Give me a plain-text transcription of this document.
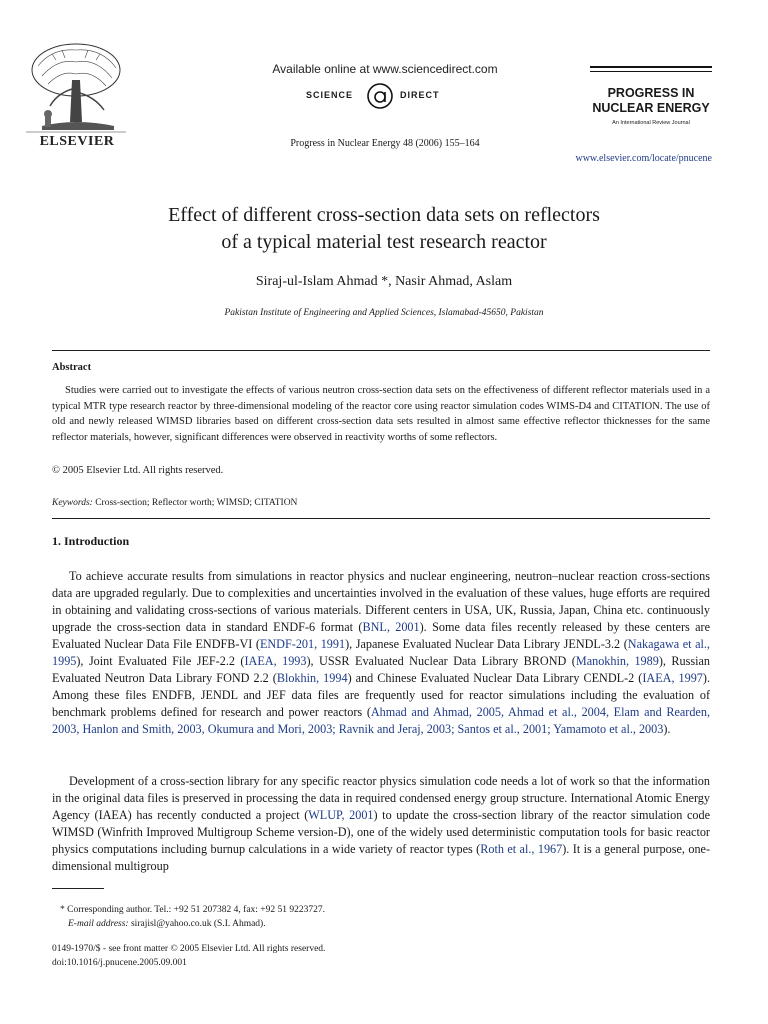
ELSEVIER
Available online at www.sciencedirect.com
SCIENCE	DIRECT
Progress in Nuclear Energy 48 (2006) 155–164
PROGRESS IN
NUCLEAR ENERGY
An International Review Journal
www.elsevier.com/locate/pnucene
Effect of different cross-section data sets on reflectors
of a typical material test research reactor
Siraj-ul-Islam Ahmad *, Nasir Ahmad, Aslam
Pakistan Institute of Engineering and Applied Sciences, Islamabad-45650, Pakistan
Abstract
Studies were carried out to investigate the effects of various neutron cross-section data sets on the effectiveness of different reflector materials used in a typical MTR type research reactor by three-dimensional modeling of the reactor core using reactor simulation codes WIMS-D4 and CITATION. The use of old and newly released WIMSD libraries based on different cross-section data sets resulted in almost same effective reflector thicknesses for the same reflector materials, however, significant differences were observed in reactivity worths of some reflectors.
© 2005 Elsevier Ltd. All rights reserved.
Keywords: Cross-section; Reflector worth; WIMSD; CITATION
1. Introduction
To achieve accurate results from simulations in reactor physics and nuclear engineering, neutron–nuclear reaction cross-sections data are upgraded regularly. Due to complexities and uncertainties involved in the evaluation of these values, huge efforts are required in obtaining and validating cross-sections of various materials. Different centers in USA, UK, Russia, Japan, China etc. continuously upgrade the cross-section data in standard ENDF-6 format (BNL, 2001). Some data files recently released by these centers are Evaluated Nuclear Data File ENDFB-VI (ENDF-201, 1991), Japanese Evaluated Nuclear Data Library JENDL-3.2 (Nakagawa et al., 1995), Joint Evaluated File JEF-2.2 (IAEA, 1993), USSR Evaluated Nuclear Data Library BROND (Manokhin, 1989), Russian Evaluated Neutron Data Library FOND 2.2 (Blokhin, 1994) and Chinese Evaluated Nuclear Data Library CENDL-2 (IAEA, 1997). Among these files ENDFB, JENDL and JEF data files are frequently used for reactor simulations including the evaluation of benchmark problems defined for research and power reactors (Ahmad and Ahmad, 2005, Ahmad et al., 2004, Elam and Rearden, 2003, Hanlon and Smith, 2003, Okumura and Mori, 2003; Ravnik and Jeraj, 2003; Santos et al., 2001; Yamamoto et al., 2003).
Development of a cross-section library for any specific reactor physics simulation code needs a lot of work so that the information in the original data files is preserved in processing the data in required condensed energy group structure. International Atomic Energy Agency (IAEA) has recently conducted a project (WLUP, 2001) to update the cross-section library of the reactor simulation code WIMSD (Winfrith Improved Multigroup Scheme version-D), one of the widely used deterministic computation tools for basic reactor physics computations including burnup calculations in a wide variety of reactor types (Roth et al., 1967). It is a general purpose, one-dimensional multigroup
* Corresponding author. Tel.: +92 51 207382 4, fax: +92 51 9223727.
E-mail address: sirajisl@yahoo.co.uk (S.I. Ahmad).
0149-1970/$ - see front matter © 2005 Elsevier Ltd. All rights reserved.
doi:10.1016/j.pnucene.2005.09.001
